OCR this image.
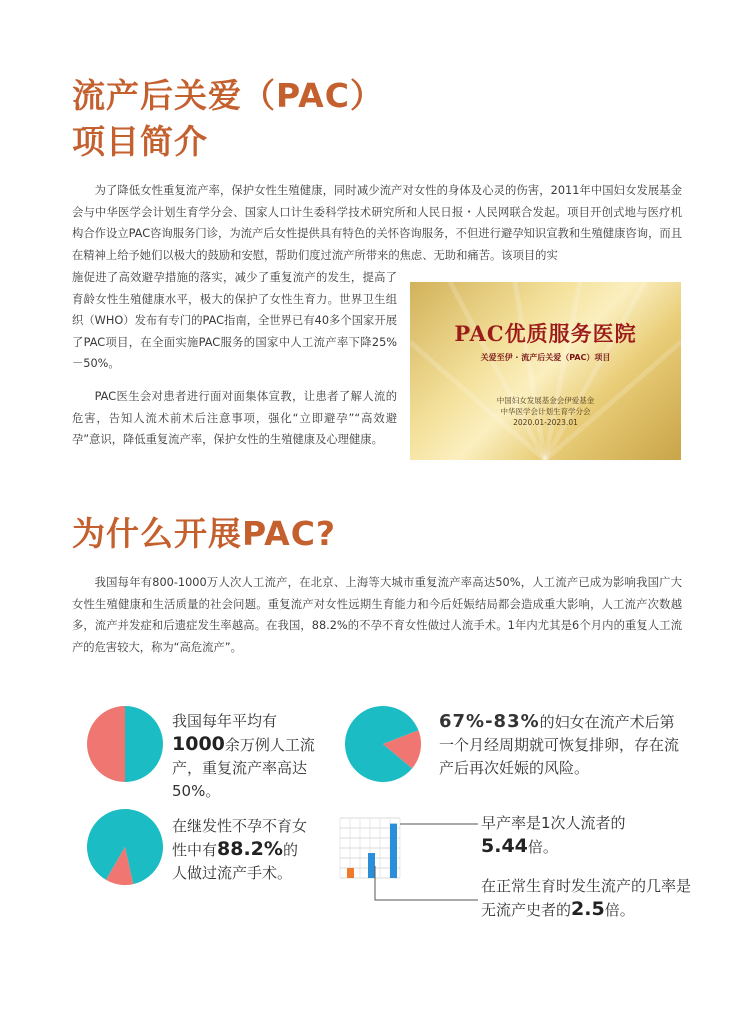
流产后关爱（PAC）
项目简介

为了降低女性重复流产率，保护女性生殖健康，同时减少流产对女性的身体及心灵的伤害，2011年中国妇女发展基金会与中华医学会计划生育学分会、国家人口计生委科学技术研究所和人民日报・人民网联合发起。项目开创式地与医疗机构合作设立PAC咨询服务门诊，为流产后女性提供具有特色的关怀咨询服务，不但进行避孕知识宣教和生殖健康咨询，而且在精神上给予她们以极大的鼓励和安慰，帮助们度过流产所带来的焦虑、无助和痛苦。该项目的实

施促进了高效避孕措施的落实，减少了重复流产的发生，提高了育龄女性生殖健康水平，极大的保护了女性生育力。世界卫生组织（WHO）发布有专门的PAC指南，全世界已有40多个国家开展了PAC项目，在全面实施PAC服务的国家中人工流产率下降25%－50%。

PAC医生会对患者进行面对面集体宣教，让患者了解人流的危害，告知人流术前术后注意事项，强化“立即避孕”“高效避孕”意识，降低重复流产率，保护女性的生殖健康及心理健康。

PAC优质服务医院
关爱至伊 · 流产后关爱（PAC）项目
中国妇女发展基金会伊爱基金
中华医学会计划生育学分会
2020.01-2023.01
为什么开展PAC?

我国每年有800-1000万人次人工流产，在北京、上海等大城市重复流产率高达50%，人工流产已成为影响我国广大女性生殖健康和生活质量的社会问题。重复流产对女性远期生育能力和今后妊娠结局都会造成重大影响，人工流产次数越多，流产并发症和后遗症发生率越高。在我国，88.2%的不孕不育女性做过人流手术。1年内尤其是6个月内的重复人工流产的危害较大，称为“高危流产”。

我国每年平均有1000余万例人工流产，重复流产率高达50%。

67%-83%的妇女在流产术后第一个月经周期就可恢复排卵，存在流产后再次妊娠的风险。

在继发性不孕不育女性中有88.2%的人做过流产手术。

早产率是1次人流者的5.44倍。

在正常生育时发生流产的几率是无流产史者的2.5倍。
